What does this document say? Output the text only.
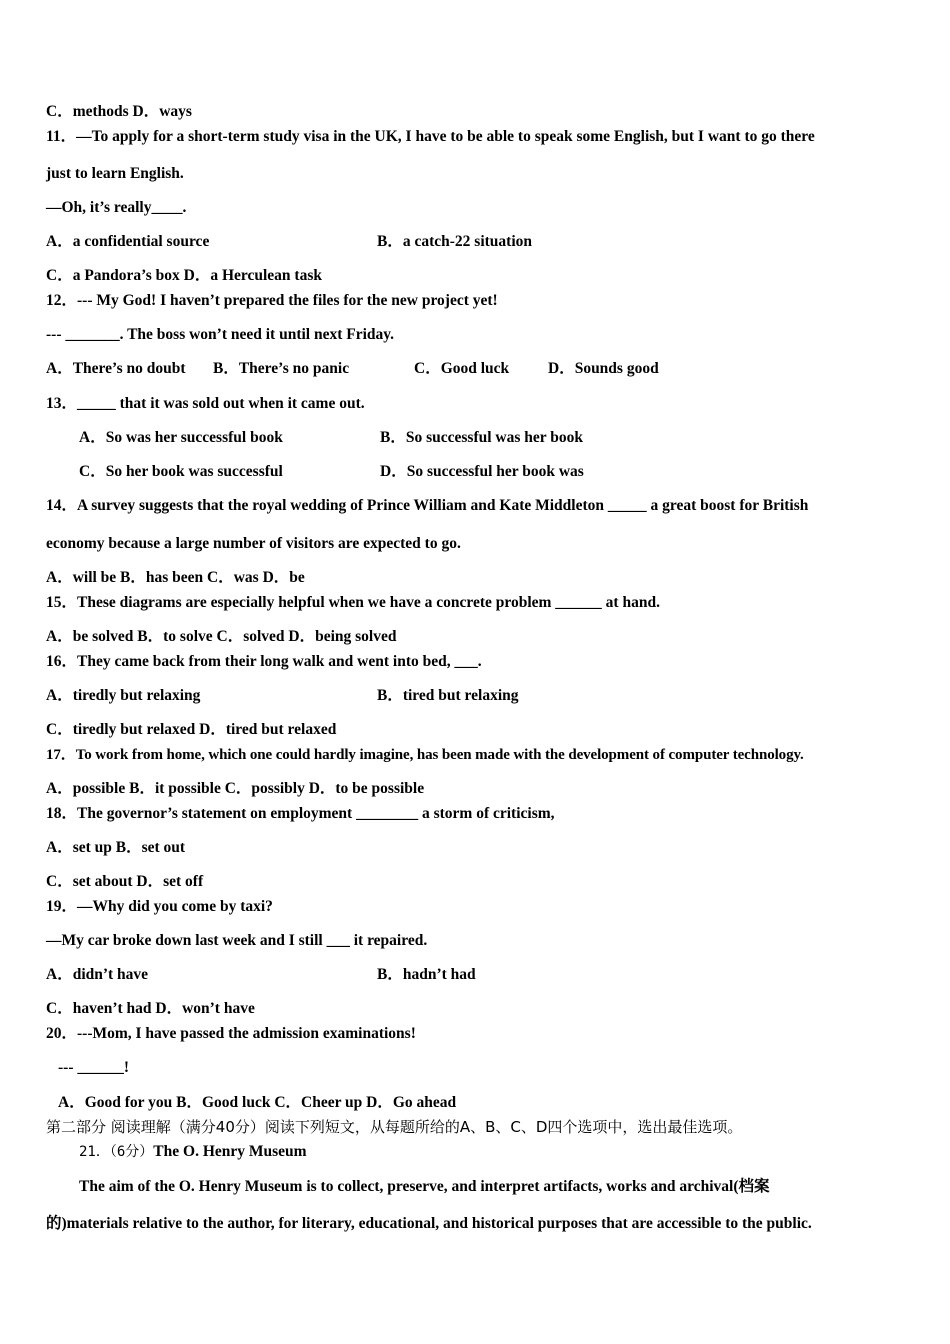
C．methods D．ways
11．—To apply for a short-term study visa in the UK, I have to be able to speak some English, but I want to go there
just to learn English.
—Oh, it’s really____.
A．a confidential source	B．a catch-22 situation
C．a Pandora’s box D．a Herculean task
12．--- My God! I haven’t prepared the files for the new project yet!
--- _______. The boss won’t need it until next Friday.
A．There’s no doubt B．There’s no panic	C．Good luck	D．Sounds good
13．_____ that it was sold out when it came out.
A．So was her successful book	B．So successful was her book
C．So her book was successful	D．So successful her book was
14．A survey suggests that the royal wedding of Prince William and Kate Middleton _____ a great boost for British
economy because a large number of visitors are expected to go.
A．will be B．has been C．was D．be
15．These diagrams are especially helpful when we have a concrete problem ______ at hand.
A．be solved B．to solve C．solved D．being solved
16．They came back from their long walk and went into bed, ___.
A．tiredly but relaxing	B．tired but relaxing
C．tiredly but relaxed D．tired but relaxed
17．To work from home, which one could hardly imagine, has been made with the development of computer technology.
A．possible B．it possible C．possibly D．to be possible
18．The governor’s statement on employment ________ a storm of criticism,
A．set up B．set out
C．set about D．set off
19．—Why did you come by taxi?
—My car broke down last week and I still ___ it repaired.
A．didn’t have	B．hadn’t had
C．haven’t had D．won’t have
20．---Mom, I have passed the admission examinations!
--- ______!
A．Good for you B．Good luck C．Cheer up D．Go ahead
第二部分 阅读理解（满分40分）阅读下列短文，从每题所给的A、B、C、D四个选项中，选出最佳选项。
21．（6分）The O. Henry Museum
The aim of the O. Henry Museum is to collect, preserve, and interpret artifacts, works and archival(档案
的)materials relative to the author, for literary, educational, and historical purposes that are accessible to the public.
